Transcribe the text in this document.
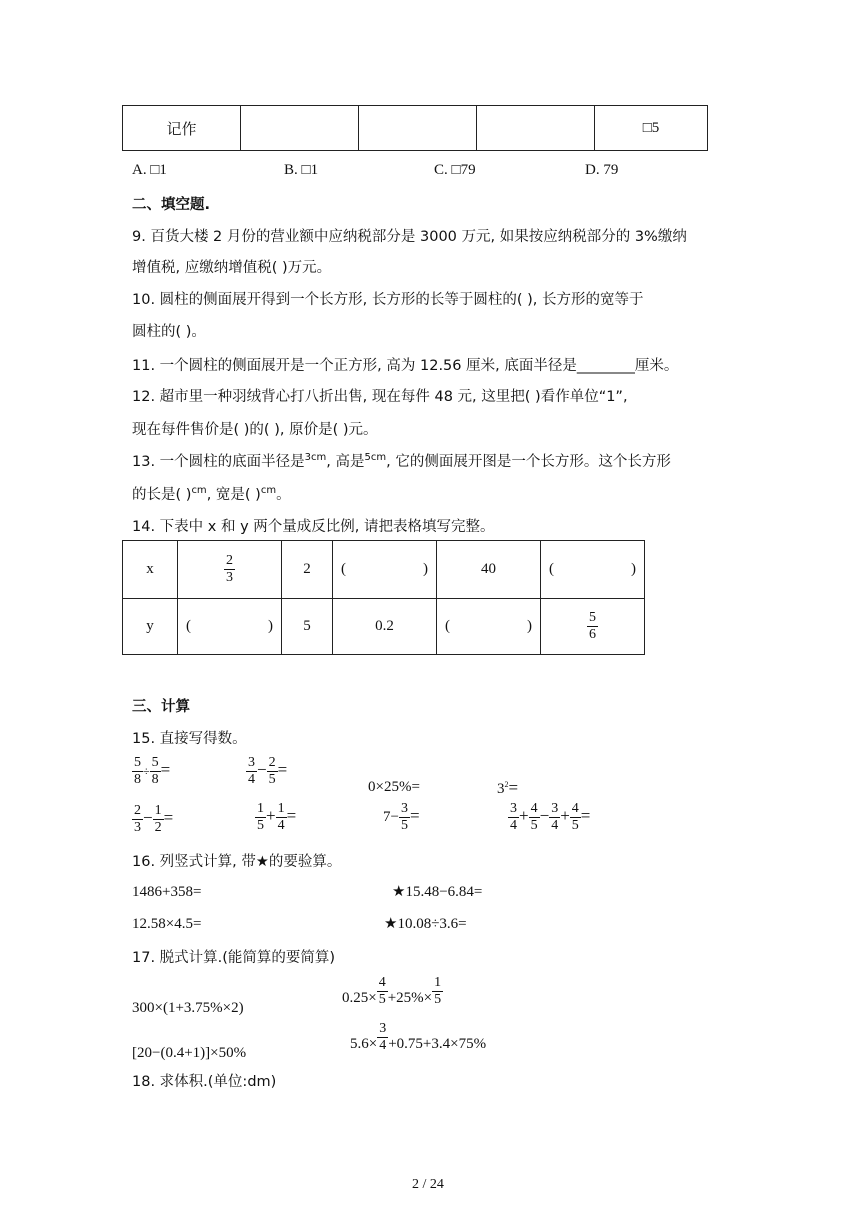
记作				□5
A. □1	B. □1	C. □79	D. 79
二、填空题.
9. 百货大楼 2 月份的营业额中应纳税部分是 3000 万元, 如果按应纳税部分的 3%缴纳
增值税, 应缴纳增值税( )万元。
10. 圆柱的侧面展开得到一个长方形, 长方形的长等于圆柱的( ), 长方形的宽等于
圆柱的( )。
11. 一个圆柱的侧面展开是一个正方形, 高为 12.56 厘米, 底面半径是________厘米。
12. 超市里一种羽绒背心打八折出售, 现在每件 48 元, 这里把( )看作单位“1”,
现在每件售价是( )的( ), 原价是( )元。
13. 一个圆柱的底面半径是$^{3cm}$, 高是$^{5cm}$, 它的侧面展开图是一个长方形。这个长方形
的长是( )$^{cm}$, 宽是( )$^{cm}$。
14. 下表中 x 和 y 两个量成反比例, 请把表格填写完整。
x	$\frac{2}{3}$	2	( )	40	( )

y	( )	5	0.2	( )	$\frac{5}{6}$
三、计算
15. 直接写得数。
$\frac{5}{8} \div \frac{5}{8}$ =	$\frac{3}{4} - \frac{2}{5}$ =
0×25%=	$3^2=$
$\frac{2}{3} - \frac{1}{2}$ =	$\frac{1}{5} + \frac{1}{4}$ =	$7- \frac{3}{5}$ =	$\frac{3}{4} + \frac{4}{5} - \frac{3}{4} + \frac{4}{5}$ =
16. 列竖式计算, 带★的要验算。
1486+358=	★15.48−6.84=
12.58×4.5=	★10.08÷3.6=
17. 脱式计算.(能简算的要简算)
300×(1+3.75%×2)
$0.25\times \frac{4}{5} +25\%\times \frac{1}{5}$
[20−(0.4+1)]×50%
$5.6\times \frac{3}{4} +0.75+3.4\times 75\%$
18. 求体积.(单位:dm)
2 / 24
